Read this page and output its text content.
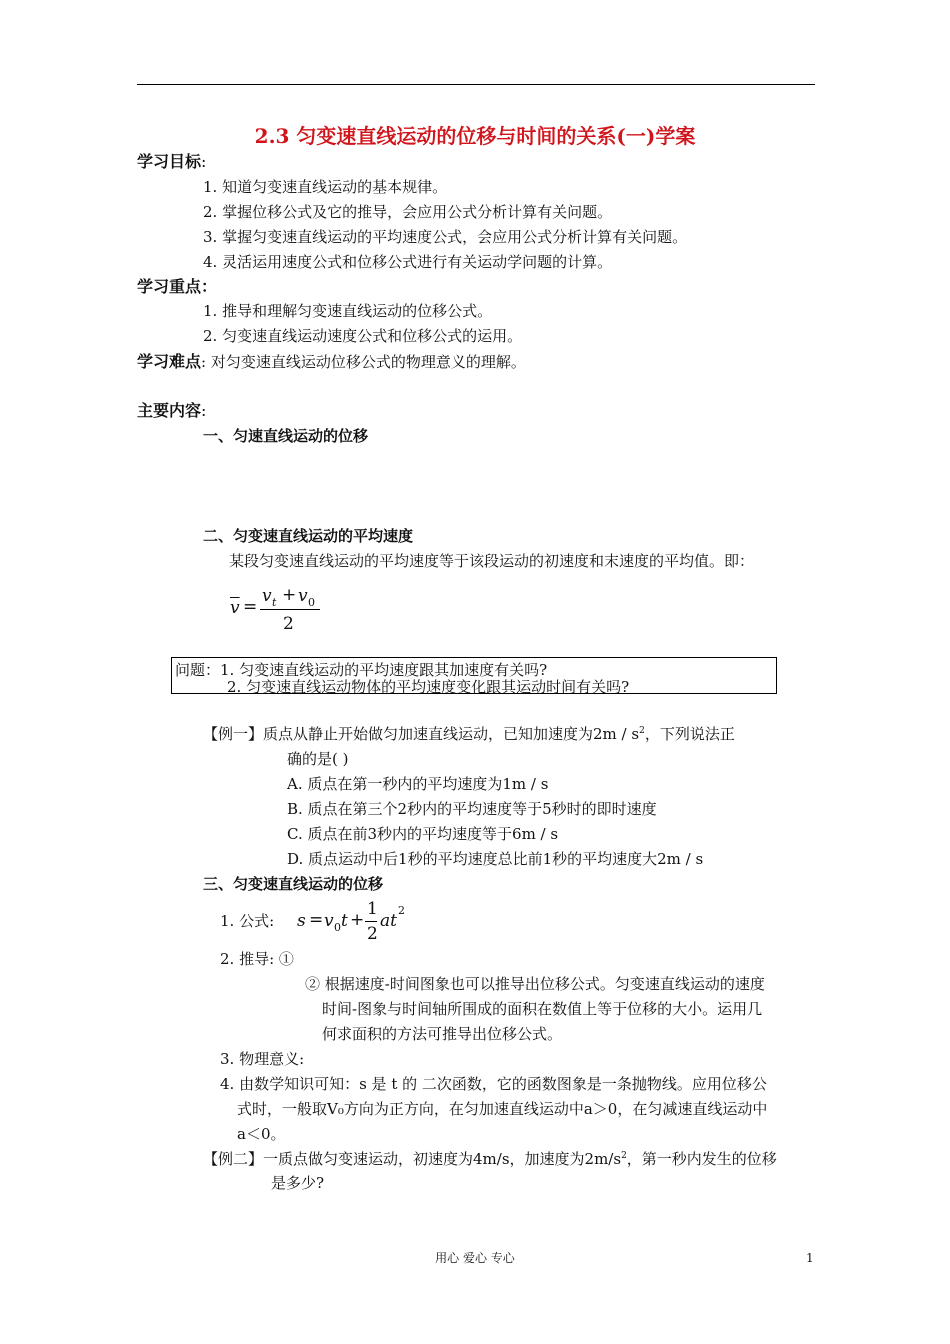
2.3 匀变速直线运动的位移与时间的关系(一)学案
学习目标:
1. 知道匀变速直线运动的基本规律。
2. 掌握位移公式及它的推导，会应用公式分析计算有关问题。
3. 掌握匀变速直线运动的平均速度公式，会应用公式分析计算有关问题。
4. 灵活运用速度公式和位移公式进行有关运动学问题的计算。
学习重点：
1. 推导和理解匀变速直线运动的位移公式。
2. 匀变速直线运动速度公式和位移公式的运用。
学习难点: 对匀变速直线运动位移公式的物理意义的理解。
主要内容:
一、匀速直线运动的位移
二、匀变速直线运动的平均速度
某段匀变速直线运动的平均速度等于该段运动的初速度和末速度的平均值。即：
$\overline{v}$ =
v t + v 0
2
问题：1. 匀变速直线运动的平均速度跟其加速度有关吗?
2. 匀变速直线运动物体的平均速度变化跟其运动时间有关吗?
【例一】质点从静止开始做匀加速直线运动，已知加速度为$2m / s^2$，下列说法正
确的是( )
A. 质点在第一秒内的平均速度为1m / s
B. 质点在第三个2秒内的平均速度等于5秒时的即时速度
C. 质点在前3秒内的平均速度等于6m / s
D. 质点运动中后1秒的平均速度总比前1秒的平均速度大2m / s
三、匀变速直线运动的位移
1. 公式: s = v 0 t +
1
2
at
2
2. 推导: ①
② 根据速度-时间图象也可以推导出位移公式。匀变速直线运动的速度
时间-图象与时间轴所围成的面积在数值上等于位移的大小。运用几
何求面积的方法可推导出位移公式。
3. 物理意义:
4. 由数学知识可知：s 是 t 的 二次函数，它的函数图象是一条抛物线。应用位移公
式时，一般取V₀方向为正方向，在匀加速直线运动中a＞0，在匀减速直线运动中
a＜0。
【例二】一质点做匀变速运动，初速度为4m/s，加速度为$2m/s^2$，第一秒内发生的位移
是多少?
用心 爱心 专心	1
